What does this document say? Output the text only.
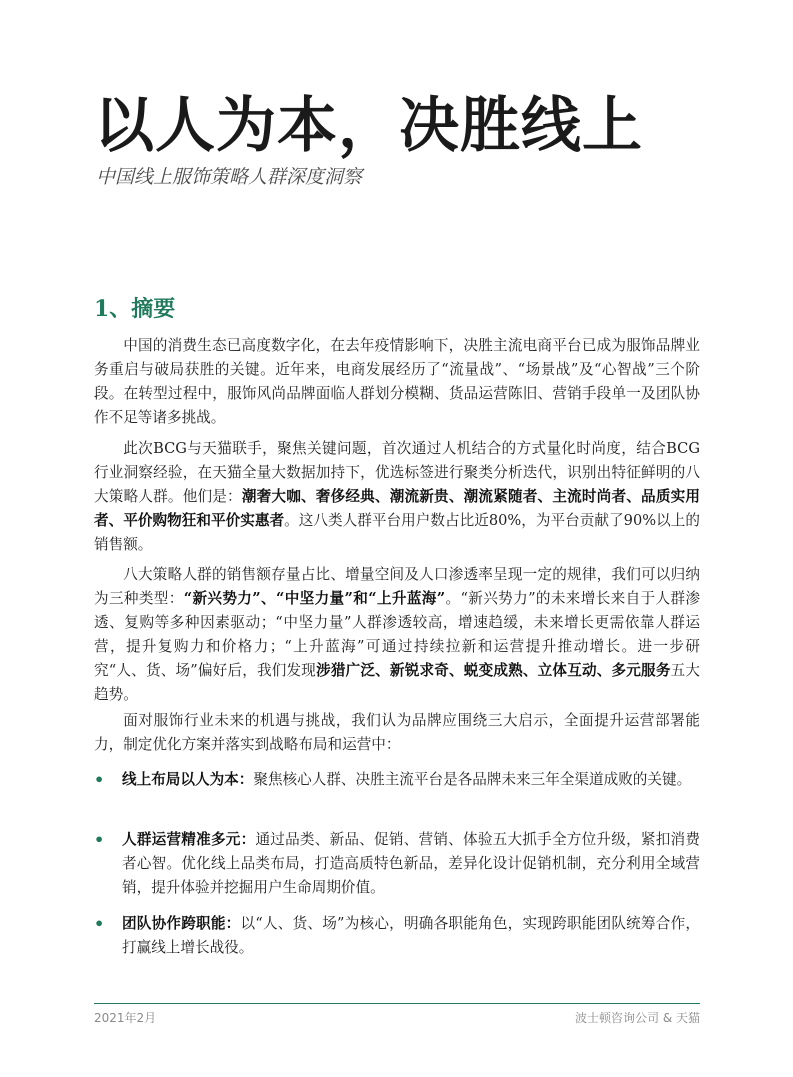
以人为本，决胜线上
中国线上服饰策略人群深度洞察
1、摘要

中国的消费生态已高度数字化，在去年疫情影响下，决胜主流电商平台已成为服饰品牌业务重启与破局获胜的关键。近年来，电商发展经历了“流量战”、“场景战”及“心智战”三个阶段。在转型过程中，服饰风尚品牌面临人群划分模糊、货品运营陈旧、营销手段单一及团队协作不足等诸多挑战。

此次BCG与天猫联手，聚焦关键问题，首次通过人机结合的方式量化时尚度，结合BCG行业洞察经验，在天猫全量大数据加持下，优选标签进行聚类分析迭代，识别出特征鲜明的八大策略人群。他们是：潮奢大咖、奢侈经典、潮流新贵、潮流紧随者、主流时尚者、品质实用者、平价购物狂和平价实惠者。这八类人群平台用户数占比近80%，为平台贡献了90%以上的销售额。

八大策略人群的销售额存量占比、增量空间及人口渗透率呈现一定的规律，我们可以归纳为三种类型：“新兴势力”、“中坚力量”和“上升蓝海”。“新兴势力”的未来增长来自于人群渗透、复购等多种因素驱动；“中坚力量”人群渗透较高，增速趋缓，未来增长更需依靠人群运营，提升复购力和价格力；“上升蓝海”可通过持续拉新和运营提升推动增长。进一步研究“人、货、场”偏好后，我们发现涉猎广泛、新锐求奇、蜕变成熟、立体互动、多元服务五大趋势。

面对服饰行业未来的机遇与挑战，我们认为品牌应围绕三大启示，全面提升运营部署能力，制定优化方案并落实到战略布局和运营中：

• 线上布局以人为本：聚焦核心人群、决胜主流平台是各品牌未来三年全渠道成败的关键。
• 人群运营精准多元：通过品类、新品、促销、营销、体验五大抓手全方位升级，紧扣消费者心智。优化线上品类布局，打造高质特色新品，差异化设计促销机制，充分利用全域营销，提升体验并挖掘用户生命周期价值。
• 团队协作跨职能：以“人、货、场”为核心，明确各职能角色，实现跨职能团队统筹合作，打赢线上增长战役。
2021年2月	波士顿咨询公司 & 天猫
